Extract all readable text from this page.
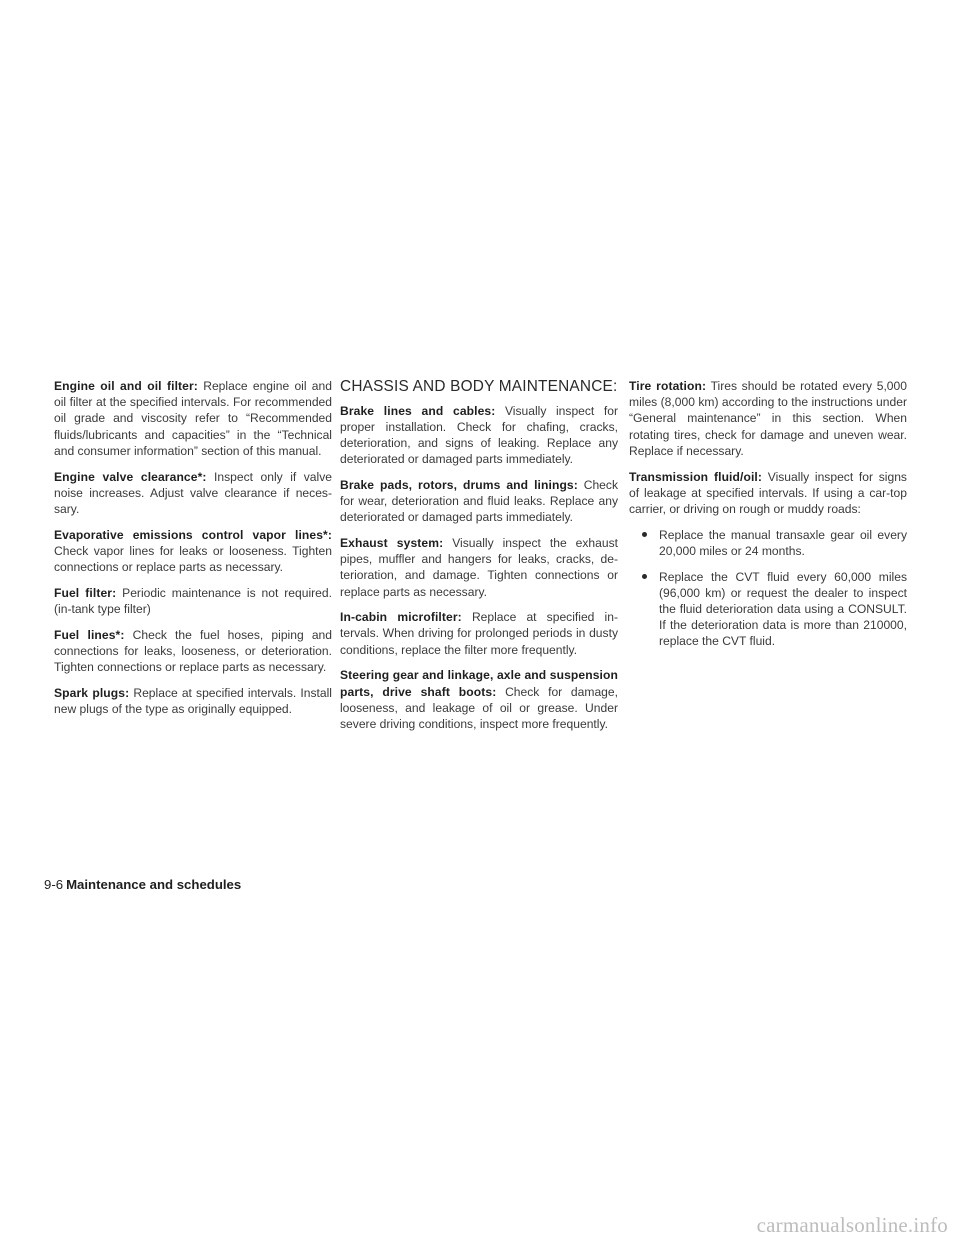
Engine oil and oil filter: Replace engine oil and oil filter at the specified intervals. For recommended oil grade and viscosity refer to “Recommended fluids/lubricants and capacities” in the “Technical and consumer information” section of this manual.

Engine valve clearance*: Inspect only if valve noise increases. Adjust valve clearance if necessary.

Evaporative emissions control vapor lines*: Check vapor lines for leaks or looseness. Tighten connections or replace parts as necessary.

Fuel filter: Periodic maintenance is not required. (in-tank type filter)

Fuel lines*: Check the fuel hoses, piping and connections for leaks, looseness, or deterioration. Tighten connections or replace parts as necessary.

Spark plugs: Replace at specified intervals. Install new plugs of the type as originally equipped.

CHASSIS AND BODY MAINTENANCE:

Brake lines and cables: Visually inspect for proper installation. Check for chafing, cracks, deterioration, and signs of leaking. Replace any deteriorated or damaged parts immediately.

Brake pads, rotors, drums and linings: Check for wear, deterioration and fluid leaks. Replace any deteriorated or damaged parts immediately.

Exhaust system: Visually inspect the exhaust pipes, muffler and hangers for leaks, cracks, deterioration, and damage. Tighten connections or replace parts as necessary.

In-cabin microfilter: Replace at specified intervals. When driving for prolonged periods in dusty conditions, replace the filter more frequently.

Steering gear and linkage, axle and suspension parts, drive shaft boots: Check for damage, looseness, and leakage of oil or grease. Under severe driving conditions, inspect more frequently.

Tire rotation: Tires should be rotated every 5,000 miles (8,000 km) according to the instructions under “General maintenance” in this section. When rotating tires, check for damage and uneven wear. Replace if necessary.

Transmission fluid/oil: Visually inspect for signs of leakage at specified intervals. If using a car-top carrier, or driving on rough or muddy roads:

Replace the manual transaxle gear oil every 20,000 miles or 24 months.
Replace the CVT fluid every 60,000 miles (96,000 km) or request the dealer to inspect the fluid deterioration data using a CONSULT. If the deterioration data is more than 210000, replace the CVT fluid.
9-6 Maintenance and schedules
carmanualsonline.info
